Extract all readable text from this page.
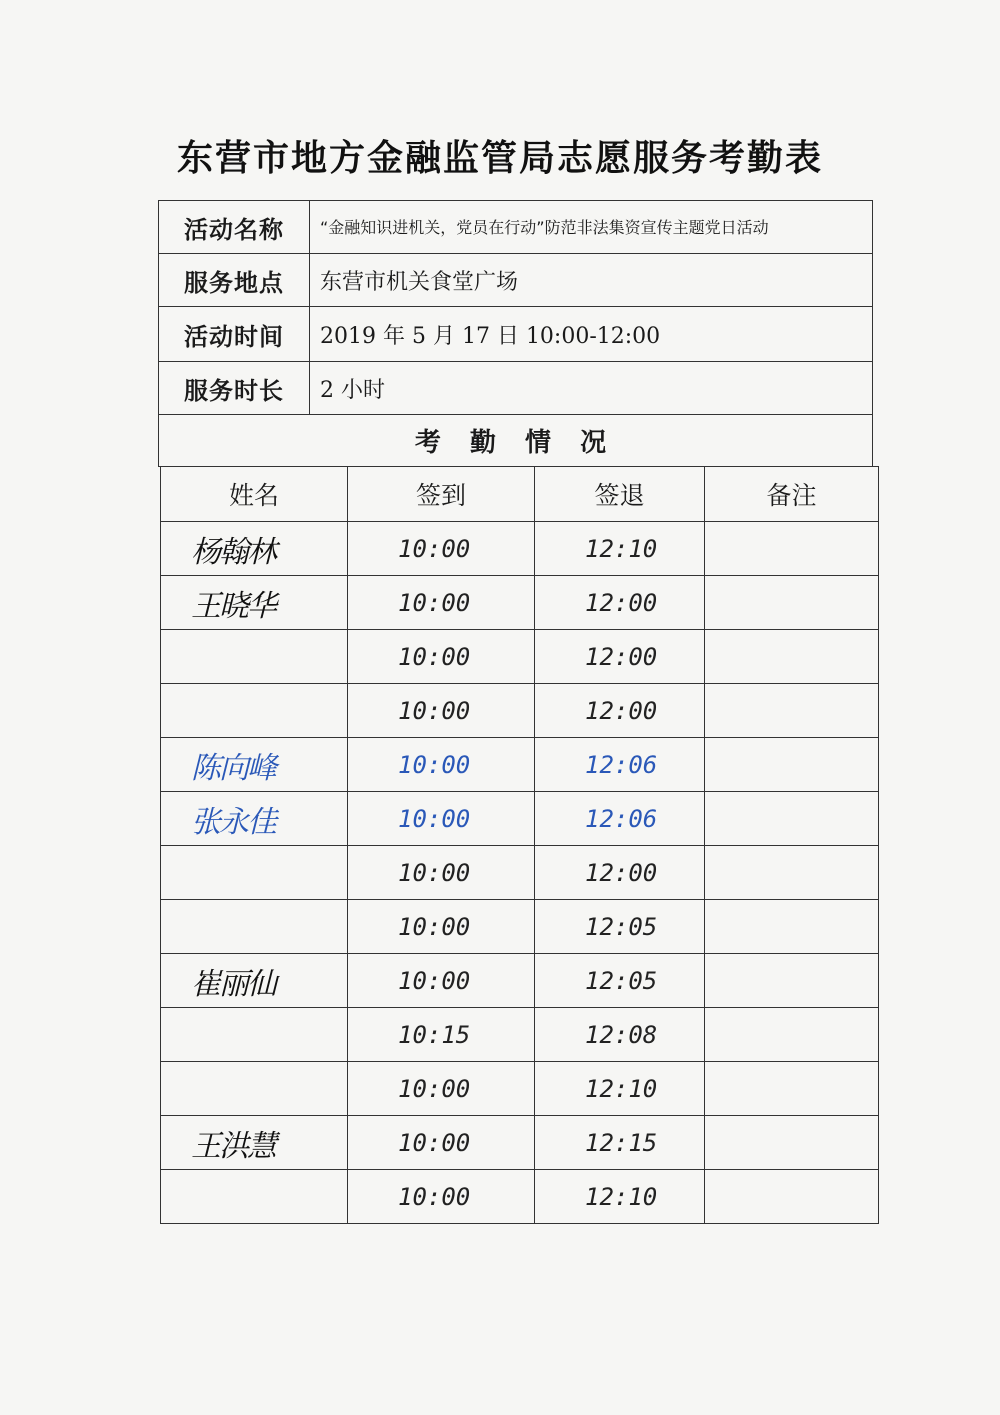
东营市地方金融监管局志愿服务考勤表
活动名称	“金融知识进机关，党员在行动”防范非法集资宣传主题党日活动
服务地点	东营市机关食堂广场
活动时间	2019 年 5 月 17 日 10:00-12:00
服务时长	2 小时
考 勤 情 况	
姓名	签到	签退	备注
杨翰林	10:00	12:10	
王晓华	10:00	12:00	
	10:00	12:00	
	10:00	12:00	
陈向峰	10:00	12:06	
张永佳	10:00	12:06	
	10:00	12:00	
	10:00	12:05	
崔丽仙	10:00	12:05	
	10:15	12:08	
	10:00	12:10	
王洪慧	10:00	12:15	
	10:00	12:10	
